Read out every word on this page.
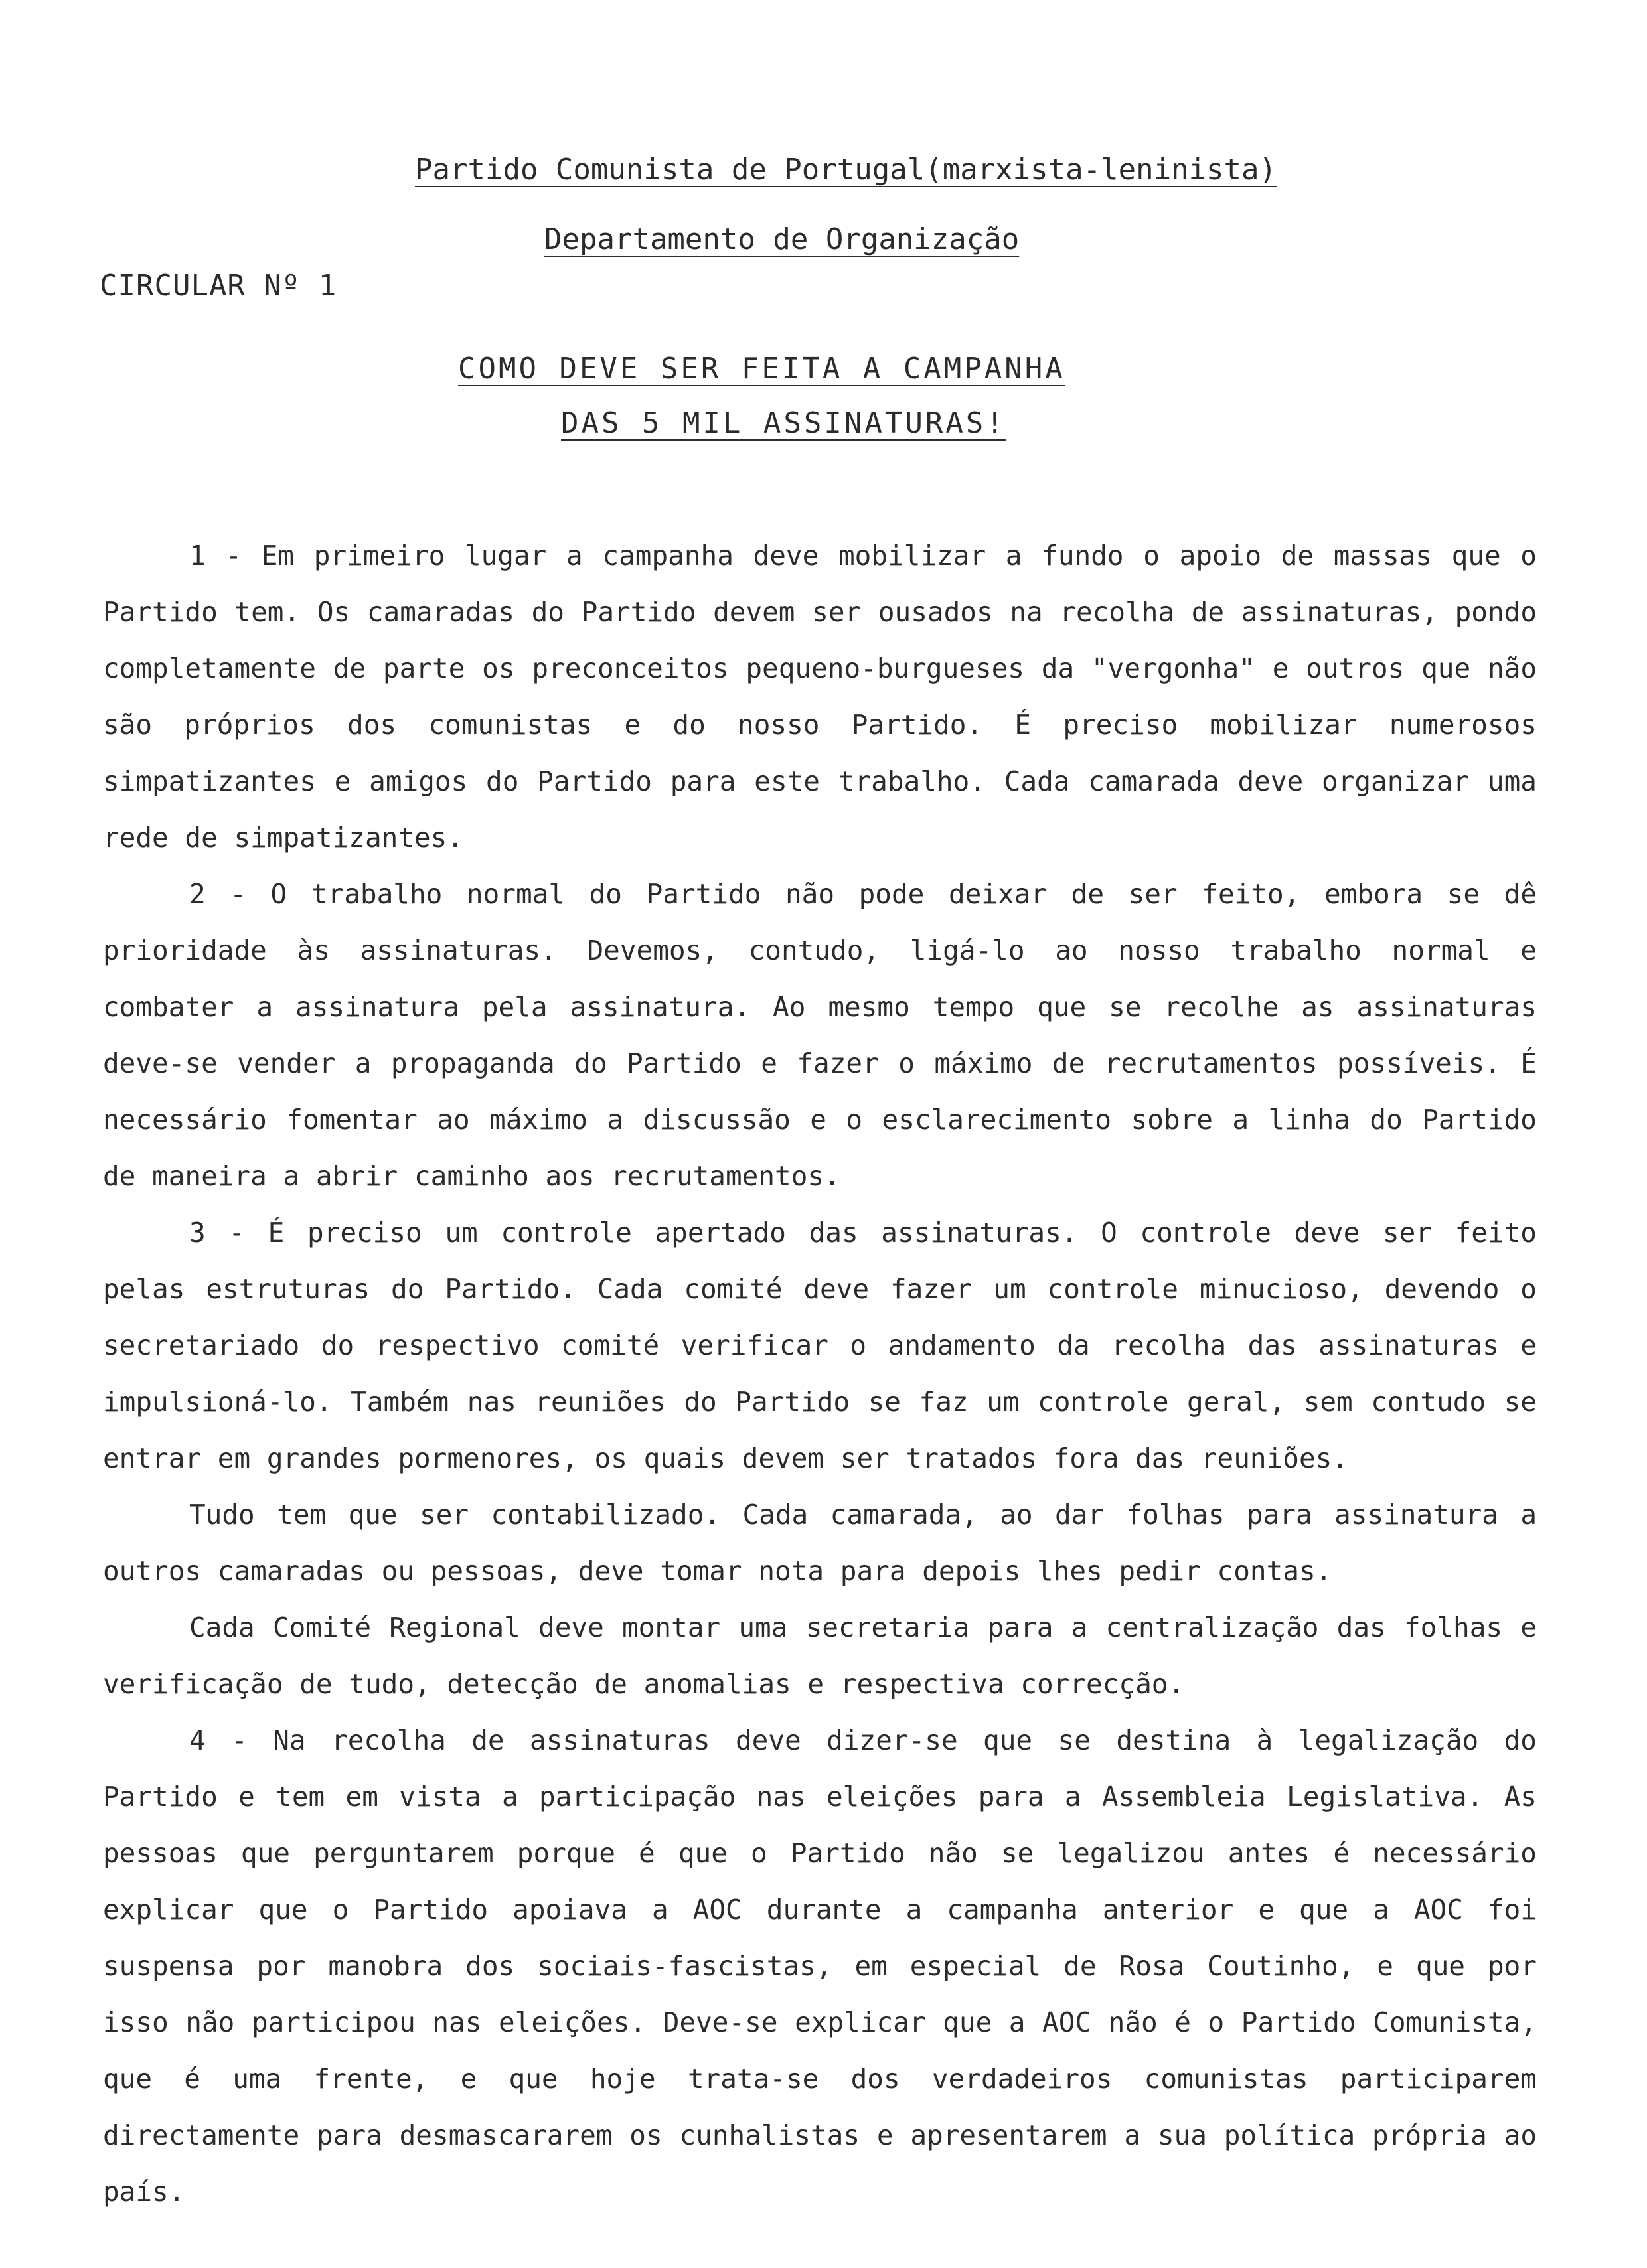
Partido Comunista de Portugal(marxista-leninista)
Departamento de Organização
CIRCULAR Nº 1
COMO DEVE SER FEITA A CAMPANHA
DAS 5 MIL ASSINATURAS!

1 - Em primeiro lugar a campanha deve mobilizar a fundo o apoio de massas que o Partido tem. Os camaradas do Partido devem ser ousados na recolha de assinaturas, pondo completamente de parte os preconceitos pequeno-burgueses da "vergonha" e outros que não são próprios dos comunistas e do nosso Partido. É preciso mobilizar numerosos simpatizantes e amigos do Partido para este trabalho. Cada camarada deve organizar uma rede de simpatizantes.

2 - O trabalho normal do Partido não pode deixar de ser feito, embora se dê prioridade às assinaturas. Devemos, contudo, ligá-lo ao nosso trabalho normal e combater a assinatura pela assinatura. Ao mesmo tempo que se recolhe as assinaturas deve-se vender a propaganda do Partido e fazer o máximo de recrutamentos possíveis. É necessário fomentar ao máximo a discussão e o esclarecimento sobre a linha do Partido de maneira a abrir caminho aos recrutamentos.

3 - É preciso um controle apertado das assinaturas. O controle deve ser feito pelas estruturas do Partido. Cada comité deve fazer um controle minucioso, devendo o secretariado do respectivo comité verificar o andamento da recolha das assinaturas e impulsioná-lo. Também nas reuniões do Partido se faz um controle geral, sem contudo se entrar em grandes pormenores, os quais devem ser tratados fora das reuniões.

Tudo tem que ser contabilizado. Cada camarada, ao dar folhas para assinatura a outros camaradas ou pessoas, deve tomar nota para depois lhes pedir contas.

Cada Comité Regional deve montar uma secretaria para a centralização das folhas e verificação de tudo, detecção de anomalias e respectiva correcção.

4 - Na recolha de assinaturas deve dizer-se que se destina à legalização do Partido e tem em vista a participação nas eleições para a Assembleia Legislativa. As pessoas que perguntarem porque é que o Partido não se legalizou antes é necessário explicar que o Partido apoiava a AOC durante a campanha anterior e que a AOC foi suspensa por manobra dos sociais-fascistas, em especial de Rosa Coutinho, e que por isso não participou nas eleições. Deve-se explicar que a AOC não é o Partido Comunista, que é uma frente, e que hoje trata-se dos verdadeiros comunistas participarem directamente para desmascararem os cunhalistas e apresentarem a sua política própria ao país.
